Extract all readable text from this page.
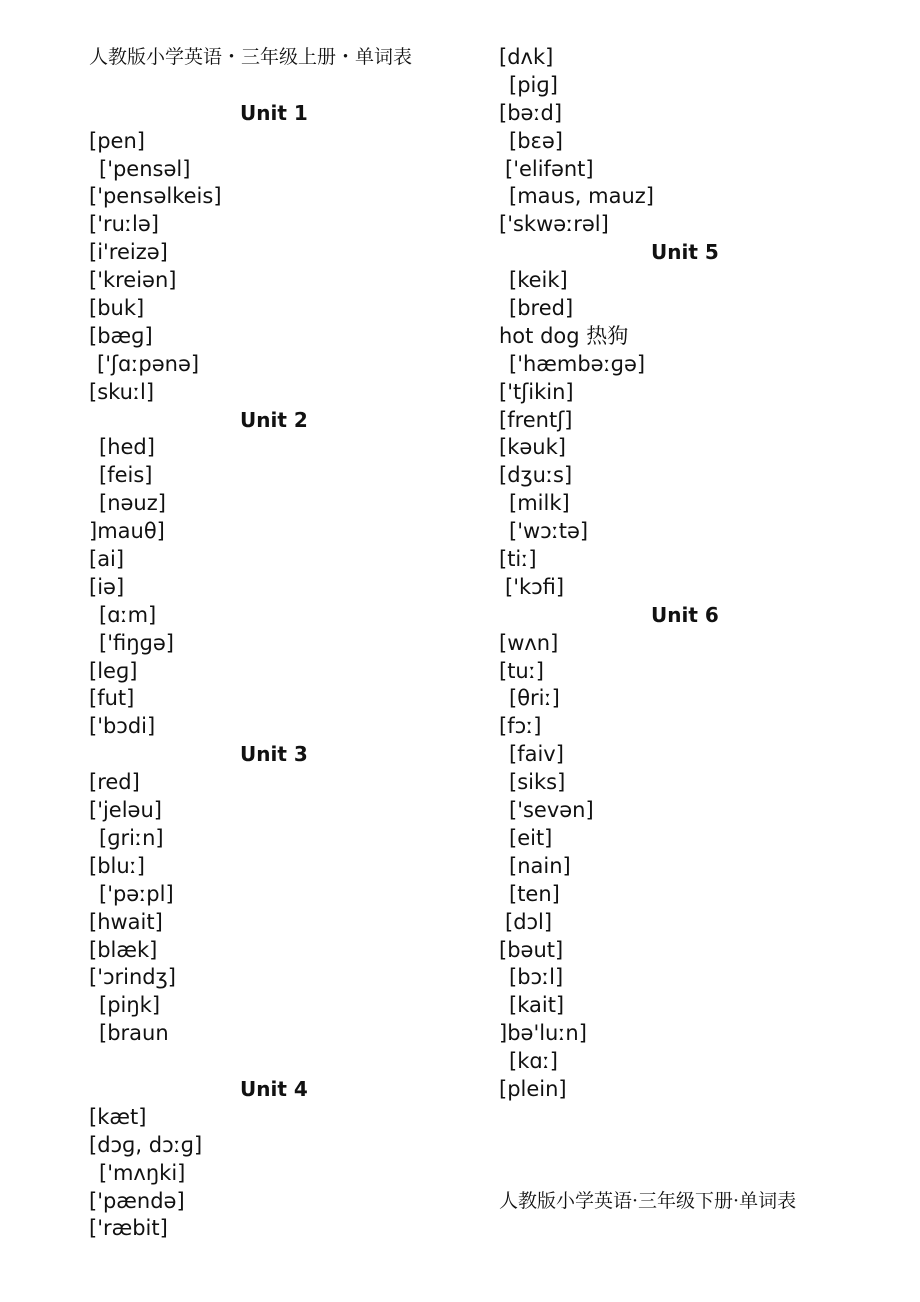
人教版小学英语・三年级上册・单词表
Unit 1
[pen]
['pensəl]
['pensəlkeis]
['ruːlə]
[i'reizə]
['kreiən]
[buk]
[bæɡ]
['ʃɑːpənə]
[skuːl]
Unit 2
[hed]
[feis]
[nəuz]
]mauθ]
[ai]
[iə]
[ɑːm]
['fiŋɡə]
[leɡ]
[fut]
['bɔdi]
Unit 3
[red]
['jeləu]
[ɡriːn]
[bluː]
['pəːpl]
[hwait]
[blæk]
['ɔrindʒ]
[piŋk]
[braun
Unit 4
[kæt]
[dɔɡ, dɔːɡ]
['mʌŋki]
['pændə]
['ræbit]
[dʌk]
[piɡ]
[bəːd]
[bɛə]
['elifənt]
[maus, mauz]
['skwəːrəl]
Unit 5
[keik]
[bred]
hot dog 热狗
['hæmbəːɡə]
['tʃikin]
[frentʃ]
[kəuk]
[dʒuːs]
[milk]
['wɔːtə]
[tiː]
['kɔfi]
Unit 6
[wʌn]
[tuː]
[θriː]
[fɔː]
[faiv]
[siks]
['sevən]
[eit]
[nain]
[ten]
[dɔl]
[bəut]
[bɔːl]
[kait]
]bə'luːn]
[kɑː]
[plein]
人教版小学英语·三年级下册·单词表
